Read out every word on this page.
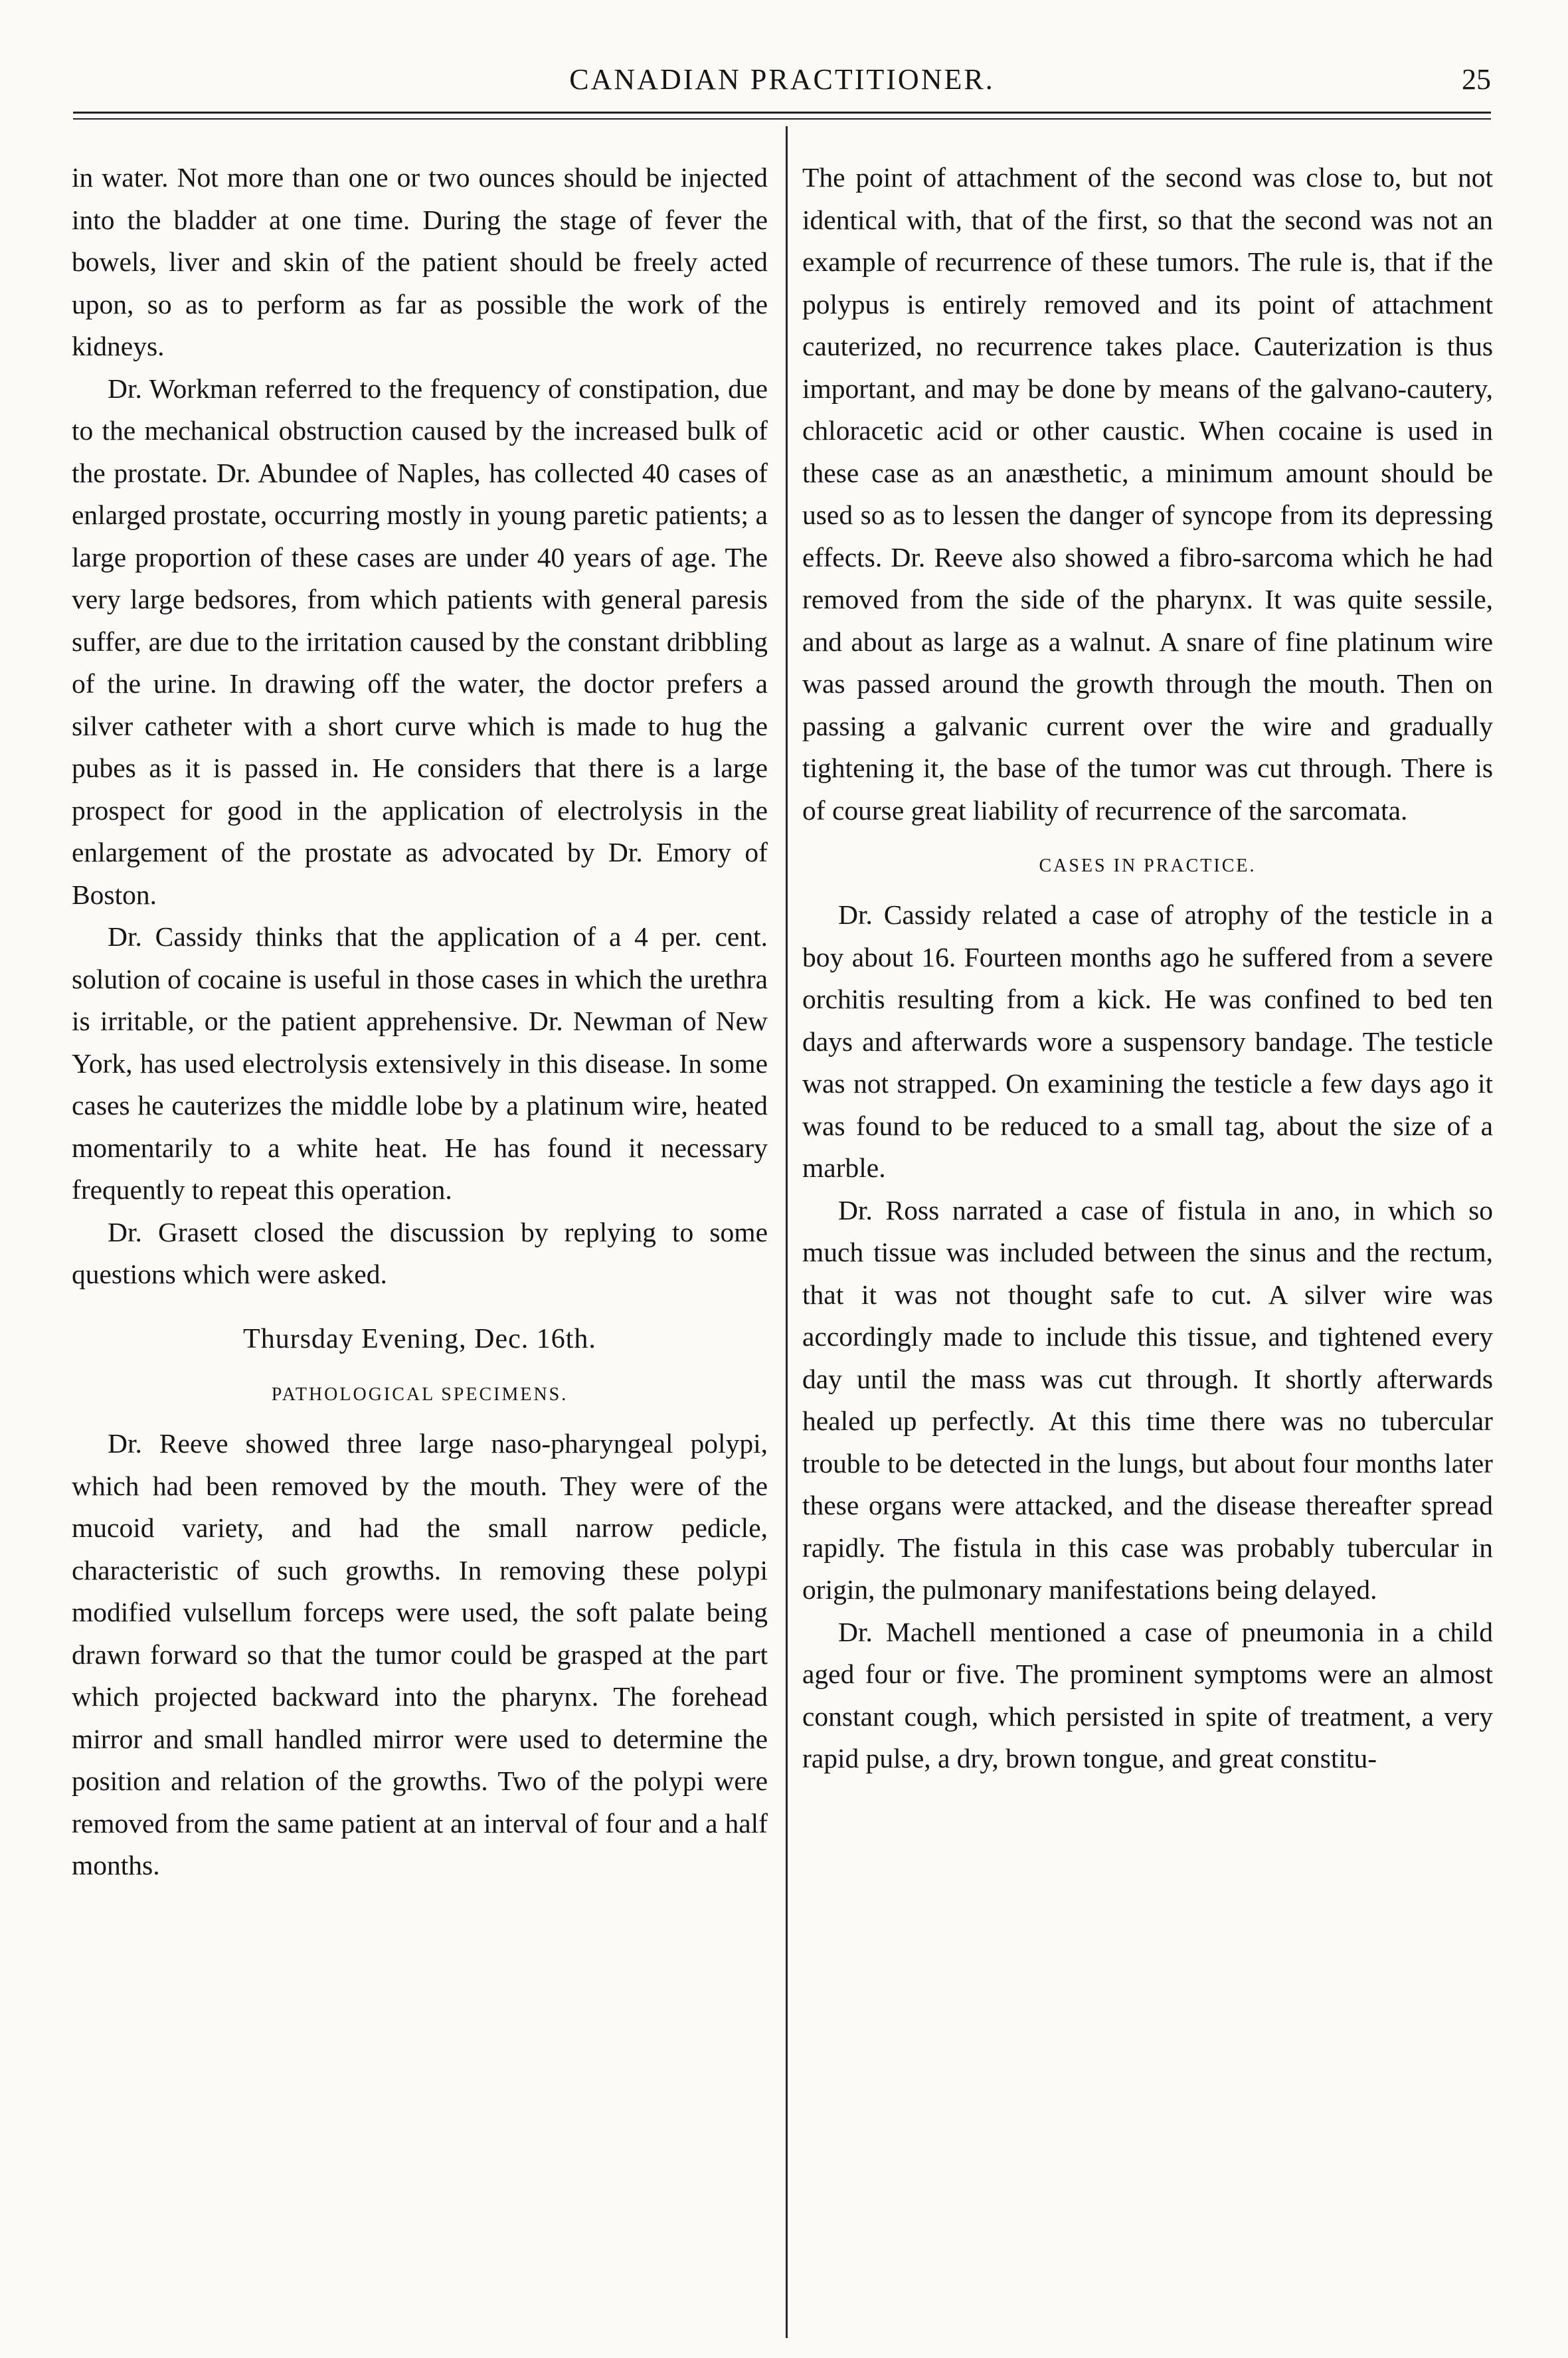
CANADIAN PRACTITIONER.	25

in water. Not more than one or two ounces should be injected into the bladder at one time. During the stage of fever the bowels, liver and skin of the patient should be freely acted upon, so as to perform as far as possible the work of the kidneys.

Dr. Workman referred to the frequency of constipation, due to the mechanical obstruction caused by the increased bulk of the prostate. Dr. Abundee of Naples, has collected 40 cases of enlarged prostate, occurring mostly in young paretic patients; a large proportion of these cases are under 40 years of age. The very large bedsores, from which patients with general paresis suffer, are due to the irritation caused by the constant dribbling of the urine. In drawing off the water, the doctor prefers a silver catheter with a short curve which is made to hug the pubes as it is passed in. He considers that there is a large prospect for good in the application of electrolysis in the enlargement of the prostate as advocated by Dr. Emory of Boston.

Dr. Cassidy thinks that the application of a 4 per. cent. solution of cocaine is useful in those cases in which the urethra is irritable, or the patient apprehensive. Dr. Newman of New York, has used electrolysis extensively in this disease. In some cases he cauterizes the middle lobe by a platinum wire, heated momentarily to a white heat. He has found it necessary frequently to repeat this operation.

Dr. Grasett closed the discussion by replying to some questions which were asked.

Thursday Evening, Dec. 16th.

PATHOLOGICAL SPECIMENS.

Dr. Reeve showed three large naso-pharyngeal polypi, which had been removed by the mouth. They were of the mucoid variety, and had the small narrow pedicle, characteristic of such growths. In removing these polypi modified vulsellum forceps were used, the soft palate being drawn forward so that the tumor could be grasped at the part which projected backward into the pharynx. The forehead mirror and small handled mirror were used to determine the position and relation of the growths. Two of the polypi were removed from the same patient at an interval of four and a half months.

The point of attachment of the second was close to, but not identical with, that of the first, so that the second was not an example of recurrence of these tumors. The rule is, that if the polypus is entirely removed and its point of attachment cauterized, no recurrence takes place. Cauterization is thus important, and may be done by means of the galvano-cautery, chloracetic acid or other caustic. When cocaine is used in these case as an anæsthetic, a minimum amount should be used so as to lessen the danger of syncope from its depressing effects. Dr. Reeve also showed a fibro-sarcoma which he had removed from the side of the pharynx. It was quite sessile, and about as large as a walnut. A snare of fine platinum wire was passed around the growth through the mouth. Then on passing a galvanic current over the wire and gradually tightening it, the base of the tumor was cut through. There is of course great liability of recurrence of the sarcomata.

CASES IN PRACTICE.

Dr. Cassidy related a case of atrophy of the testicle in a boy about 16. Fourteen months ago he suffered from a severe orchitis resulting from a kick. He was confined to bed ten days and afterwards wore a suspensory bandage. The testicle was not strapped. On examining the testicle a few days ago it was found to be reduced to a small tag, about the size of a marble.

Dr. Ross narrated a case of fistula in ano, in which so much tissue was included between the sinus and the rectum, that it was not thought safe to cut. A silver wire was accordingly made to include this tissue, and tightened every day until the mass was cut through. It shortly afterwards healed up perfectly. At this time there was no tubercular trouble to be detected in the lungs, but about four months later these organs were attacked, and the disease thereafter spread rapidly. The fistula in this case was probably tubercular in origin, the pulmonary manifestations being delayed.

Dr. Machell mentioned a case of pneumonia in a child aged four or five. The prominent symptoms were an almost constant cough, which persisted in spite of treatment, a very rapid pulse, a dry, brown tongue, and great constitu-
